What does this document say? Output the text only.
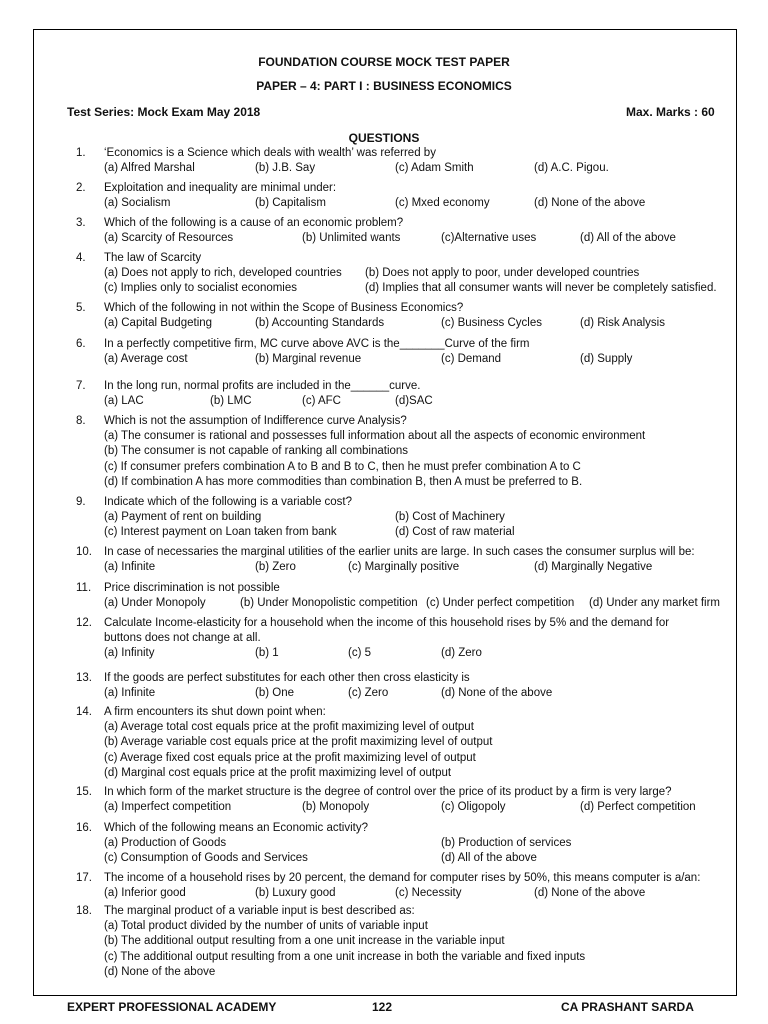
FOUNDATION COURSE MOCK TEST PAPER
PAPER – 4: PART I : BUSINESS ECONOMICS
Test Series: Mock Exam May 2018	Max. Marks : 60
QUESTIONS
1. ‘Economics is a Science which deals with wealth’ was referred by
(a) Alfred Marshal	(b) J.B. Say	(c) Adam Smith	(d) A.C. Pigou.
2. Exploitation and inequality are minimal under:
(a) Socialism	(b) Capitalism	(c) Mxed economy	(d) None of the above
3. Which of the following is a cause of an economic problem?
(a) Scarcity of Resources	(b) Unlimited wants	(c)Alternative uses	(d) All of the above
4. The law of Scarcity
(a) Does not apply to rich, developed countries (b) Does not apply to poor, under developed countries
(c) Implies only to socialist economies	(d) Implies that all consumer wants will never be completely satisfied.
5. Which of the following in not within the Scope of Business Economics?
(a) Capital Budgeting	(b) Accounting Standards	(c) Business Cycles	(d) Risk Analysis
6. In a perfectly competitive firm, MC curve above AVC is the_______Curve of the firm
(a) Average cost	(b) Marginal revenue	(c) Demand	(d) Supply
7. In the long run, normal profits are included in the______curve.
(a) LAC	(b) LMC	(c) AFC	(d)SAC
8. Which is not the assumption of Indifference curve Analysis?
(a) The consumer is rational and possesses full information about all the aspects of economic environment
(b) The consumer is not capable of ranking all combinations
(c) If consumer prefers combination A to B and B to C, then he must prefer combination A to C
(d) If combination A has more commodities than combination B, then A must be preferred to B.
9. Indicate which of the following is a variable cost?
(a) Payment of rent on building	(b) Cost of Machinery
(c) Interest payment on Loan taken from bank	(d) Cost of raw material
10. In case of necessaries the marginal utilities of the earlier units are large. In such cases the consumer surplus will be:
(a) Infinite	(b) Zero	(c) Marginally positive	(d) Marginally Negative
11. Price discrimination is not possible
(a) Under Monopoly	(b) Under Monopolistic competition (c) Under perfect competition (d) Under any market firm
12. Calculate Income-elasticity for a household when the income of this household rises by 5% and the demand for
buttons does not change at all.
(a) Infinity	(b) 1	(c) 5	(d) Zero
13. If the goods are perfect substitutes for each other then cross elasticity is
(a) Infinite	(b) One	(c) Zero	(d) None of the above
14. A firm encounters its shut down point when:
(a) Average total cost equals price at the profit maximizing level of output
(b) Average variable cost equals price at the profit maximizing level of output
(c) Average fixed cost equals price at the profit maximizing level of output
(d) Marginal cost equals price at the profit maximizing level of output
15. In which form of the market structure is the degree of control over the price of its product by a firm is very large?
(a) Imperfect competition	(b) Monopoly	(c) Oligopoly	(d) Perfect competition
16. Which of the following means an Economic activity?
(a) Production of Goods	(b) Production of services
(c) Consumption of Goods and Services	(d) All of the above
17. The income of a household rises by 20 percent, the demand for computer rises by 50%, this means computer is a/an:
(a) Inferior good	(b) Luxury good	(c) Necessity	(d) None of the above
18. The marginal product of a variable input is best described as:
(a) Total product divided by the number of units of variable input
(b) The additional output resulting from a one unit increase in the variable input
(c) The additional output resulting from a one unit increase in both the variable and fixed inputs
(d) None of the above
EXPERT PROFESSIONAL ACADEMY	122	CA PRASHANT SARDA
